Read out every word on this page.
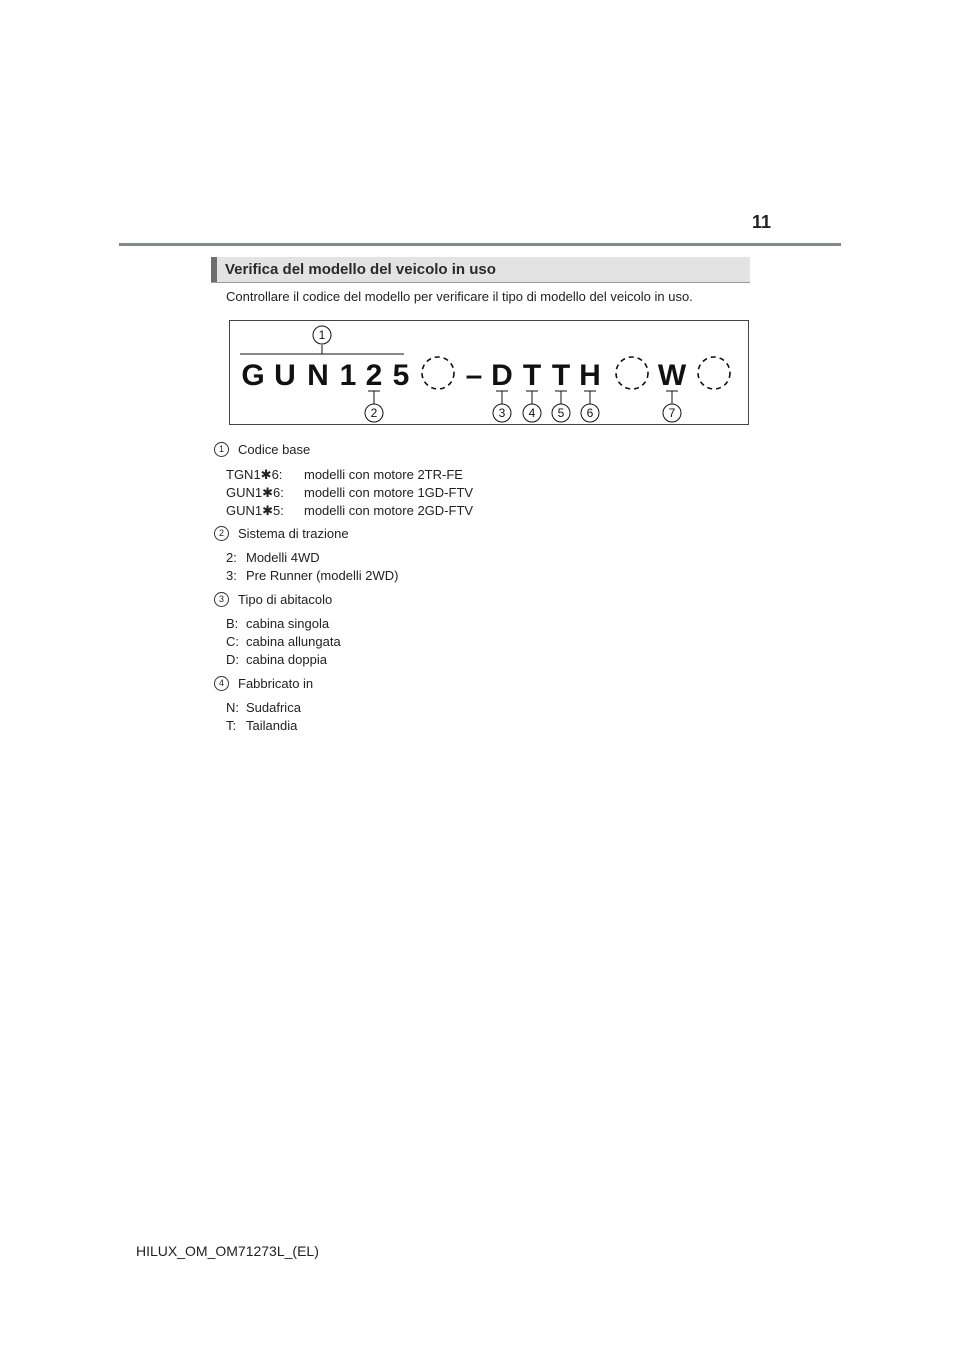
11
Verifica del modello del veicolo in uso
Controllare il codice del modello per verificare il tipo di modello del veicolo in uso.
G U N 1 2 5 – D T T H W
1
2	3 4 5 6	7
1 Codice base
TGN1✱6: modelli con motore 2TR-FE
GUN1✱6: modelli con motore 1GD-FTV
GUN1✱5: modelli con motore 2GD-FTV
2 Sistema di trazione
2: Modelli 4WD
3: Pre Runner (modelli 2WD)
3 Tipo di abitacolo
B: cabina singola
C: cabina allungata
D: cabina doppia
4 Fabbricato in
N: Sudafrica
T: Tailandia
HILUX_OM_OM71273L_(EL)
